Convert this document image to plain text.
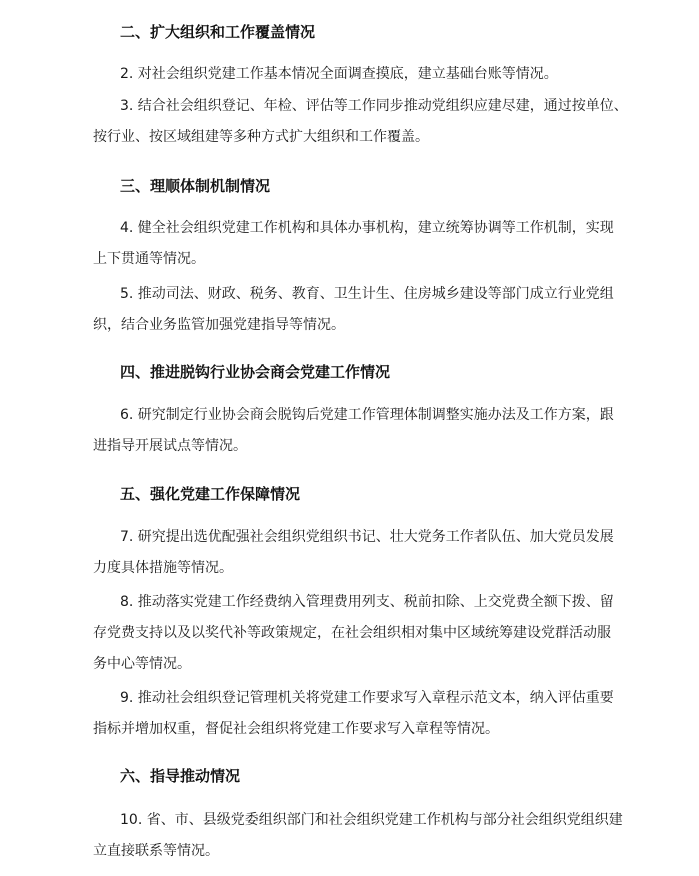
二、扩大组织和工作覆盖情况
2. 对社会组织党建工作基本情况全面调查摸底，建立基础台账等情况。
3. 结合社会组织登记、年检、评估等工作同步推动党组织应建尽建，通过按单位、
按行业、按区域组建等多种方式扩大组织和工作覆盖。
三、理顺体制机制情况
4. 健全社会组织党建工作机构和具体办事机构，建立统筹协调等工作机制，实现
上下贯通等情况。
5. 推动司法、财政、税务、教育、卫生计生、住房城乡建设等部门成立行业党组
织，结合业务监管加强党建指导等情况。
四、推进脱钩行业协会商会党建工作情况
6. 研究制定行业协会商会脱钩后党建工作管理体制调整实施办法及工作方案，跟
进指导开展试点等情况。
五、强化党建工作保障情况
7. 研究提出选优配强社会组织党组织书记、壮大党务工作者队伍、加大党员发展
力度具体措施等情况。
8. 推动落实党建工作经费纳入管理费用列支、税前扣除、上交党费全额下拨、留
存党费支持以及以奖代补等政策规定，在社会组织相对集中区域统筹建设党群活动服
务中心等情况。
9. 推动社会组织登记管理机关将党建工作要求写入章程示范文本，纳入评估重要
指标并增加权重，督促社会组织将党建工作要求写入章程等情况。
六、指导推动情况
10. 省、市、县级党委组织部门和社会组织党建工作机构与部分社会组织党组织建
立直接联系等情况。
